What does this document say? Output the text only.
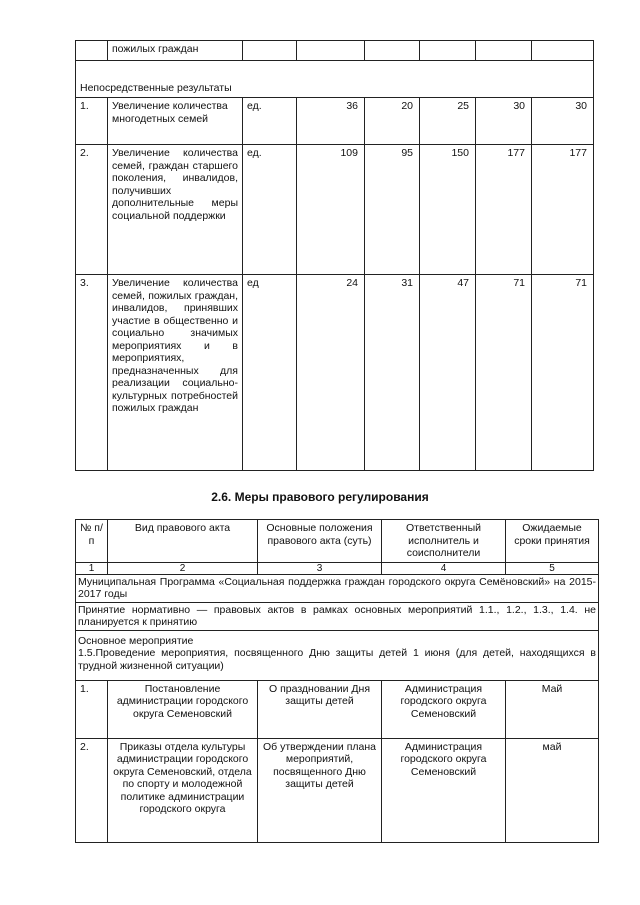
	пожилых граждан						
Непосредственные результаты							
1.	Увеличение количества многодетных семей	ед.	36	20	25	30	30
2.	Увеличение количества семей, граждан старшего поколения, инвалидов, получивших дополнительные меры социальной поддержки	ед.	109	95	150	177	177
3.	Увеличение количества семей, пожилых граждан, инвалидов, принявших участие в общественно и социально значимых мероприятиях и в мероприятиях, предназначенных для реализации социально-культурных потребностей пожилых граждан	ед	24	31	47	71	71
2.6. Меры правового регулирования
№ п/п	Вид правового акта	Основные положения правового акта (суть)	Ответственный исполнитель и соисполнители	Ожидаемые сроки принятия
1	2	3	4	5
Муниципальная Программа «Социальная поддержка граждан городского округа Семёновский» на 2015-2017 годы				
Принятие нормативно — правовых актов в рамках основных мероприятий 1.1., 1.2., 1.3., 1.4. не планируется к принятию				

Основное мероприятие
1.5.Проведение мероприятия, посвященного Дню защиты детей 1 июня (для детей, находящихся в трудной жизненной ситуации)				

1.	Постановление администрации городского округа Семеновский	О праздновании Дня защиты детей	Администрация городского округа Семеновский	Май
2.	Приказы отдела культуры администрации городского округа Семеновский, отдела по спорту и молодежной политике администрации городского округа	Об утверждении плана мероприятий, посвященного Дню защиты детей	Администрация городского округа Семеновский	май
